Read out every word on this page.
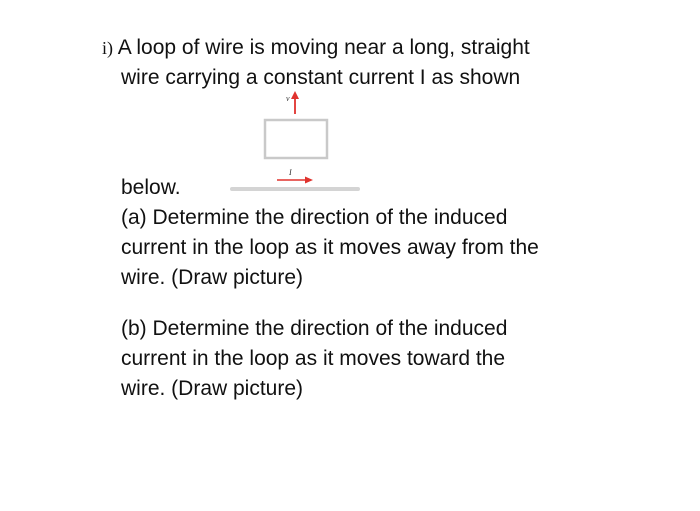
i) A loop of wire is moving near a long, straight
wire carrying a constant current I as shown
v
I
below.
(a) Determine the direction of the induced
current in the loop as it moves away from the
wire. (Draw picture)
(b) Determine the direction of the induced
current in the loop as it moves toward the
wire. (Draw picture)
